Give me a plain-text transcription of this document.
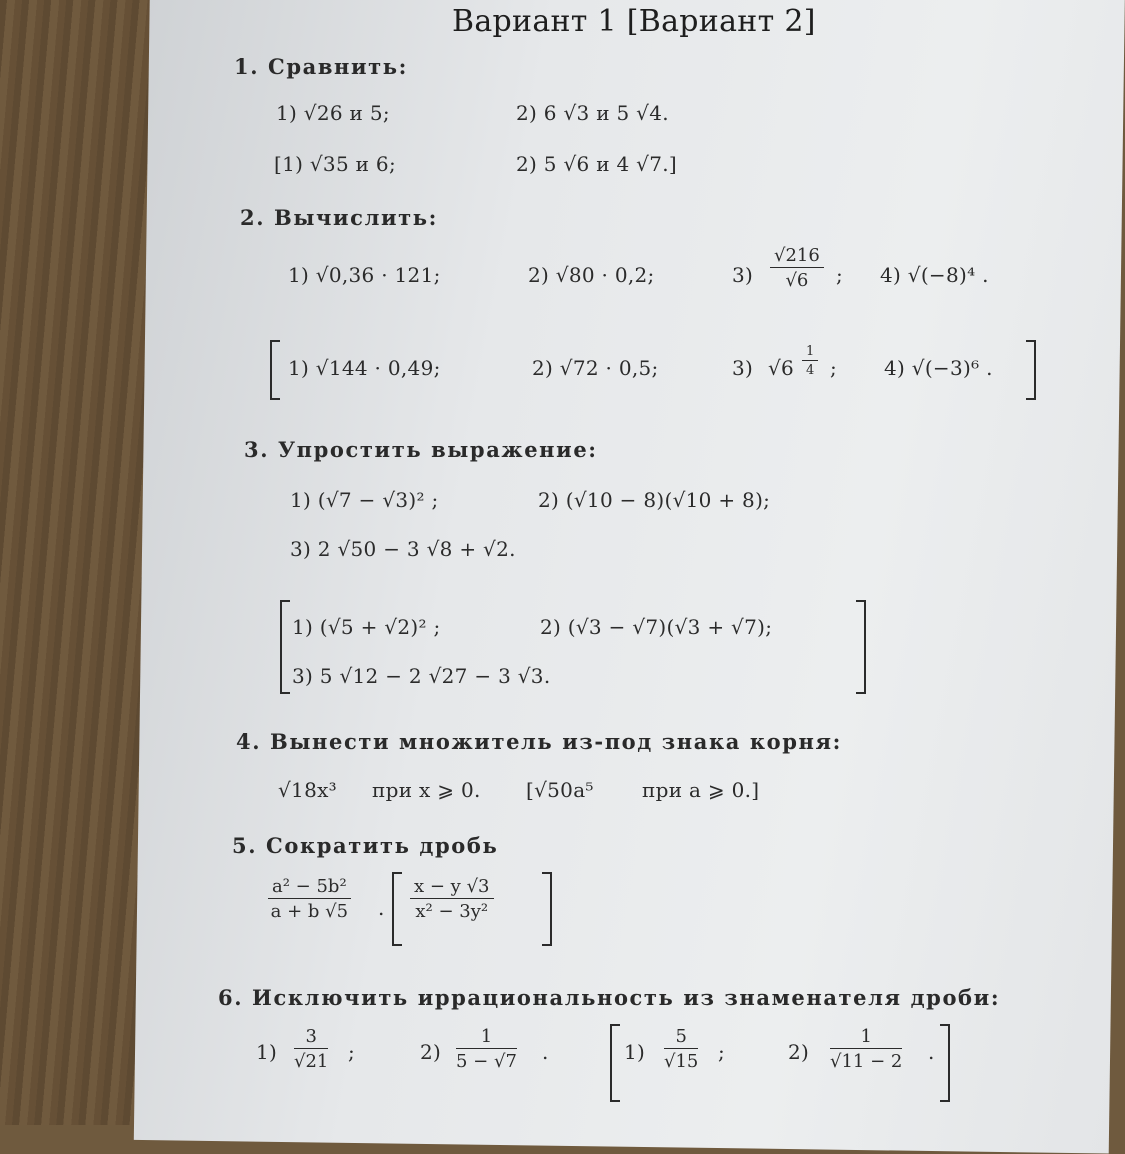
Вариант 1 [Вариант 2]
1. Сравнить:
1) √26 и 5;	2) 6 √3 и 5 √4.
[1) √35 и 6;	2) 5 √6 и 4 √7.]
2. Вычислить:
1) √0,36 · 121;	2) √80 · 0,2;	$3) \frac{√216}{√6}$ ; 4) √(−8)⁴ .
1) √144 · 0,49;	2) √72 · 0,5;	3) $√6 \frac{1}{4}$ ; 4) √(−3)⁶ .
3. Упростить выражение:
1) (√7 − √3)² ;	2) (√10 − 8)(√10 + 8);
3) 2 √50 − 3 √8 + √2.
1) (√5 + √2)² ;	2) (√3 − √7)(√3 + √7);
3) 5 √12 − 2 √27 − 3 √3.
4. Вынести множитель из-под знака корня:
√18x³ при x ⩾ 0. [√50a⁵ при a ⩾ 0.]
5. Сократить дробь
$\frac{\text{a² − 5b²}}{a + b √5}$ . $\frac{x - y √3}{\text{x² − 3y²}}$
6. Исключить иррациональность из знаменателя дроби:
$1) \frac{3}{√21}$ ;	$2) \frac{1}{5 - √7}$ .	$1) \frac{5}{√15}$ ;	$2) \frac{1}{√11 - 2}$ .
